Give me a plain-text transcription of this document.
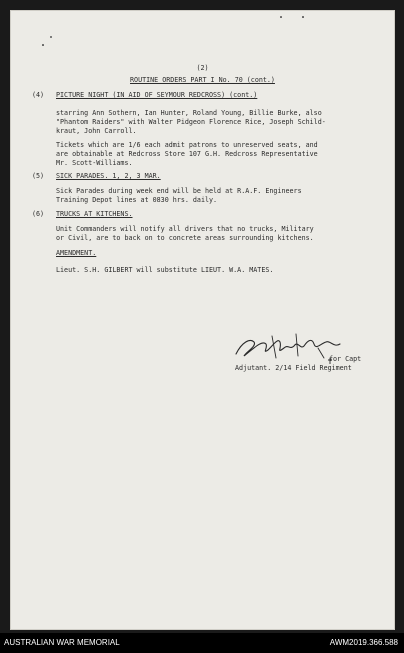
(2)
ROUTINE ORDERS PART I No. 70 (cont.)
(4) PICTURE NIGHT (IN AID OF SEYMOUR REDCROSS) (cont.)
starring Ann Sothern, Ian Hunter, Roland Young, Billie Burke, also
"Phantom Raiders" with Walter Pidgeon Florence Rice, Joseph Schild-
kraut, John Carroll.
Tickets which are 1/6 each admit patrons to unreserved seats, and
are obtainable at Redcross Store 107 G.H. Redcross Representative
Mr. Scott-Williams.
(5) SICK PARADES. 1, 2, 3 MAR.
Sick Parades during week end will be held at R.A.F. Engineers
Training Depot lines at 0830 hrs. daily.
(6) TRUCKS AT KITCHENS.
Unit Commanders will notify all drivers that no trucks, Military
or Civil, are to back on to concrete areas surrounding kitchens.
AMENDMENT.
Lieut. S.H. GILBERT will substitute LIEUT. W.A. MATES.
for Capt
Adjutant. 2/14 Field Regiment
AUSTRALIAN WAR MEMORIAL	AWM2019.366.588
